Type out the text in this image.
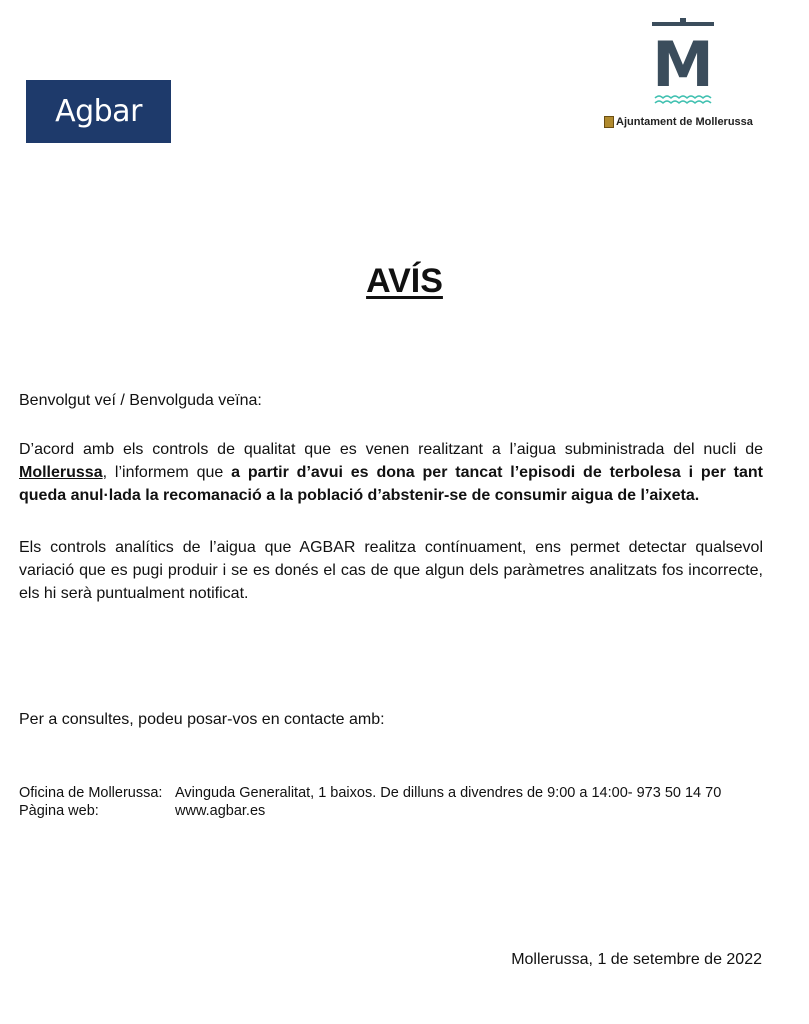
Agbar
M
Ajuntament de Mollerussa
AVÍS
Benvolgut veí / Benvolguda veïna:
D’acord amb els controls de qualitat que es venen realitzant a l’aigua subministrada del nucli de Mollerussa, l’informem que a partir d’avui es dona per tancat l’episodi de terbolesa i per tant queda anul·lada la recomanació a la població d’abstenir-se de consumir aigua de l’aixeta.
Els controls analítics de l’aigua que AGBAR realitza contínuament, ens permet detectar qualsevol variació que es pugi produir i se es donés el cas de que algun dels paràmetres analitzats fos incorrecte, els hi serà puntualment notificat.
Per a consultes, podeu posar-vos en contacte amb:
Oficina de Mollerussa: Avinguda Generalitat, 1 baixos. De dilluns a divendres de 9:00 a 14:00- 973 50 14 70
Pàgina web:	www.agbar.es
Mollerussa, 1 de setembre de 2022
